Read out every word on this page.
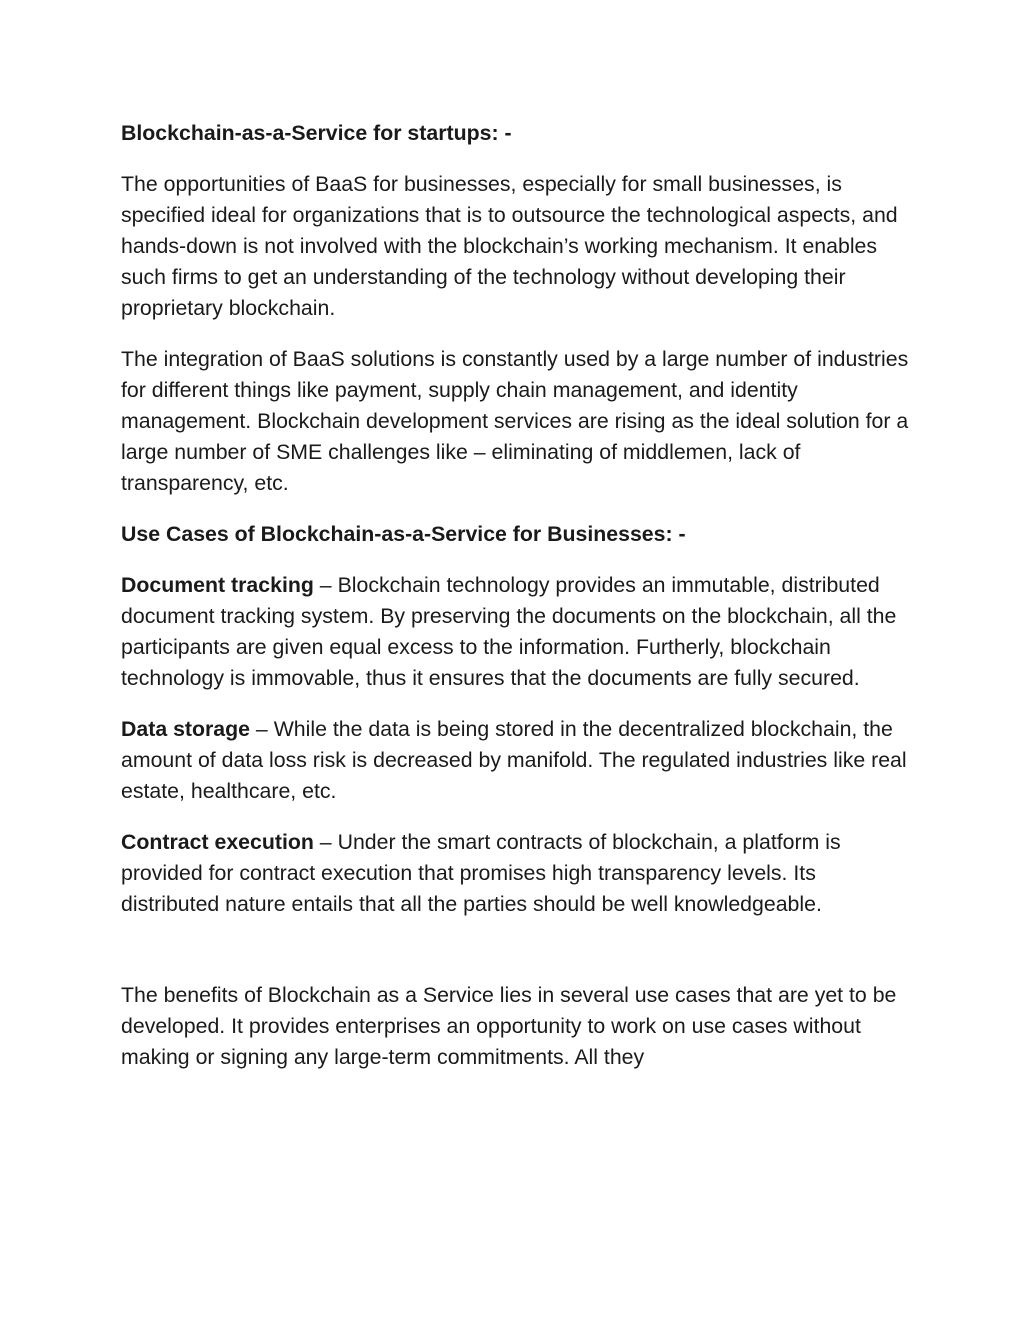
Blockchain-as-a-Service for startups: -

The opportunities of BaaS for businesses, especially for small businesses, is specified ideal for organizations that is to outsource the technological aspects, and hands-down is not involved with the blockchain’s working mechanism. It enables such firms to get an understanding of the technology without developing their proprietary blockchain.

The integration of BaaS solutions is constantly used by a large number of industries for different things like payment, supply chain management, and identity management. Blockchain development services are rising as the ideal solution for a large number of SME challenges like – eliminating of middlemen, lack of transparency, etc.

Use Cases of Blockchain-as-a-Service for Businesses: -

Document tracking – Blockchain technology provides an immutable, distributed document tracking system. By preserving the documents on the blockchain, all the participants are given equal excess to the information. Furtherly, blockchain technology is immovable, thus it ensures that the documents are fully secured.

Data storage – While the data is being stored in the decentralized blockchain, the amount of data loss risk is decreased by manifold. The regulated industries like real estate, healthcare, etc.

Contract execution – Under the smart contracts of blockchain, a platform is provided for contract execution that promises high transparency levels. Its distributed nature entails that all the parties should be well knowledgeable.

The benefits of Blockchain as a Service lies in several use cases that are yet to be developed. It provides enterprises an opportunity to work on use cases without making or signing any large-term commitments. All they
